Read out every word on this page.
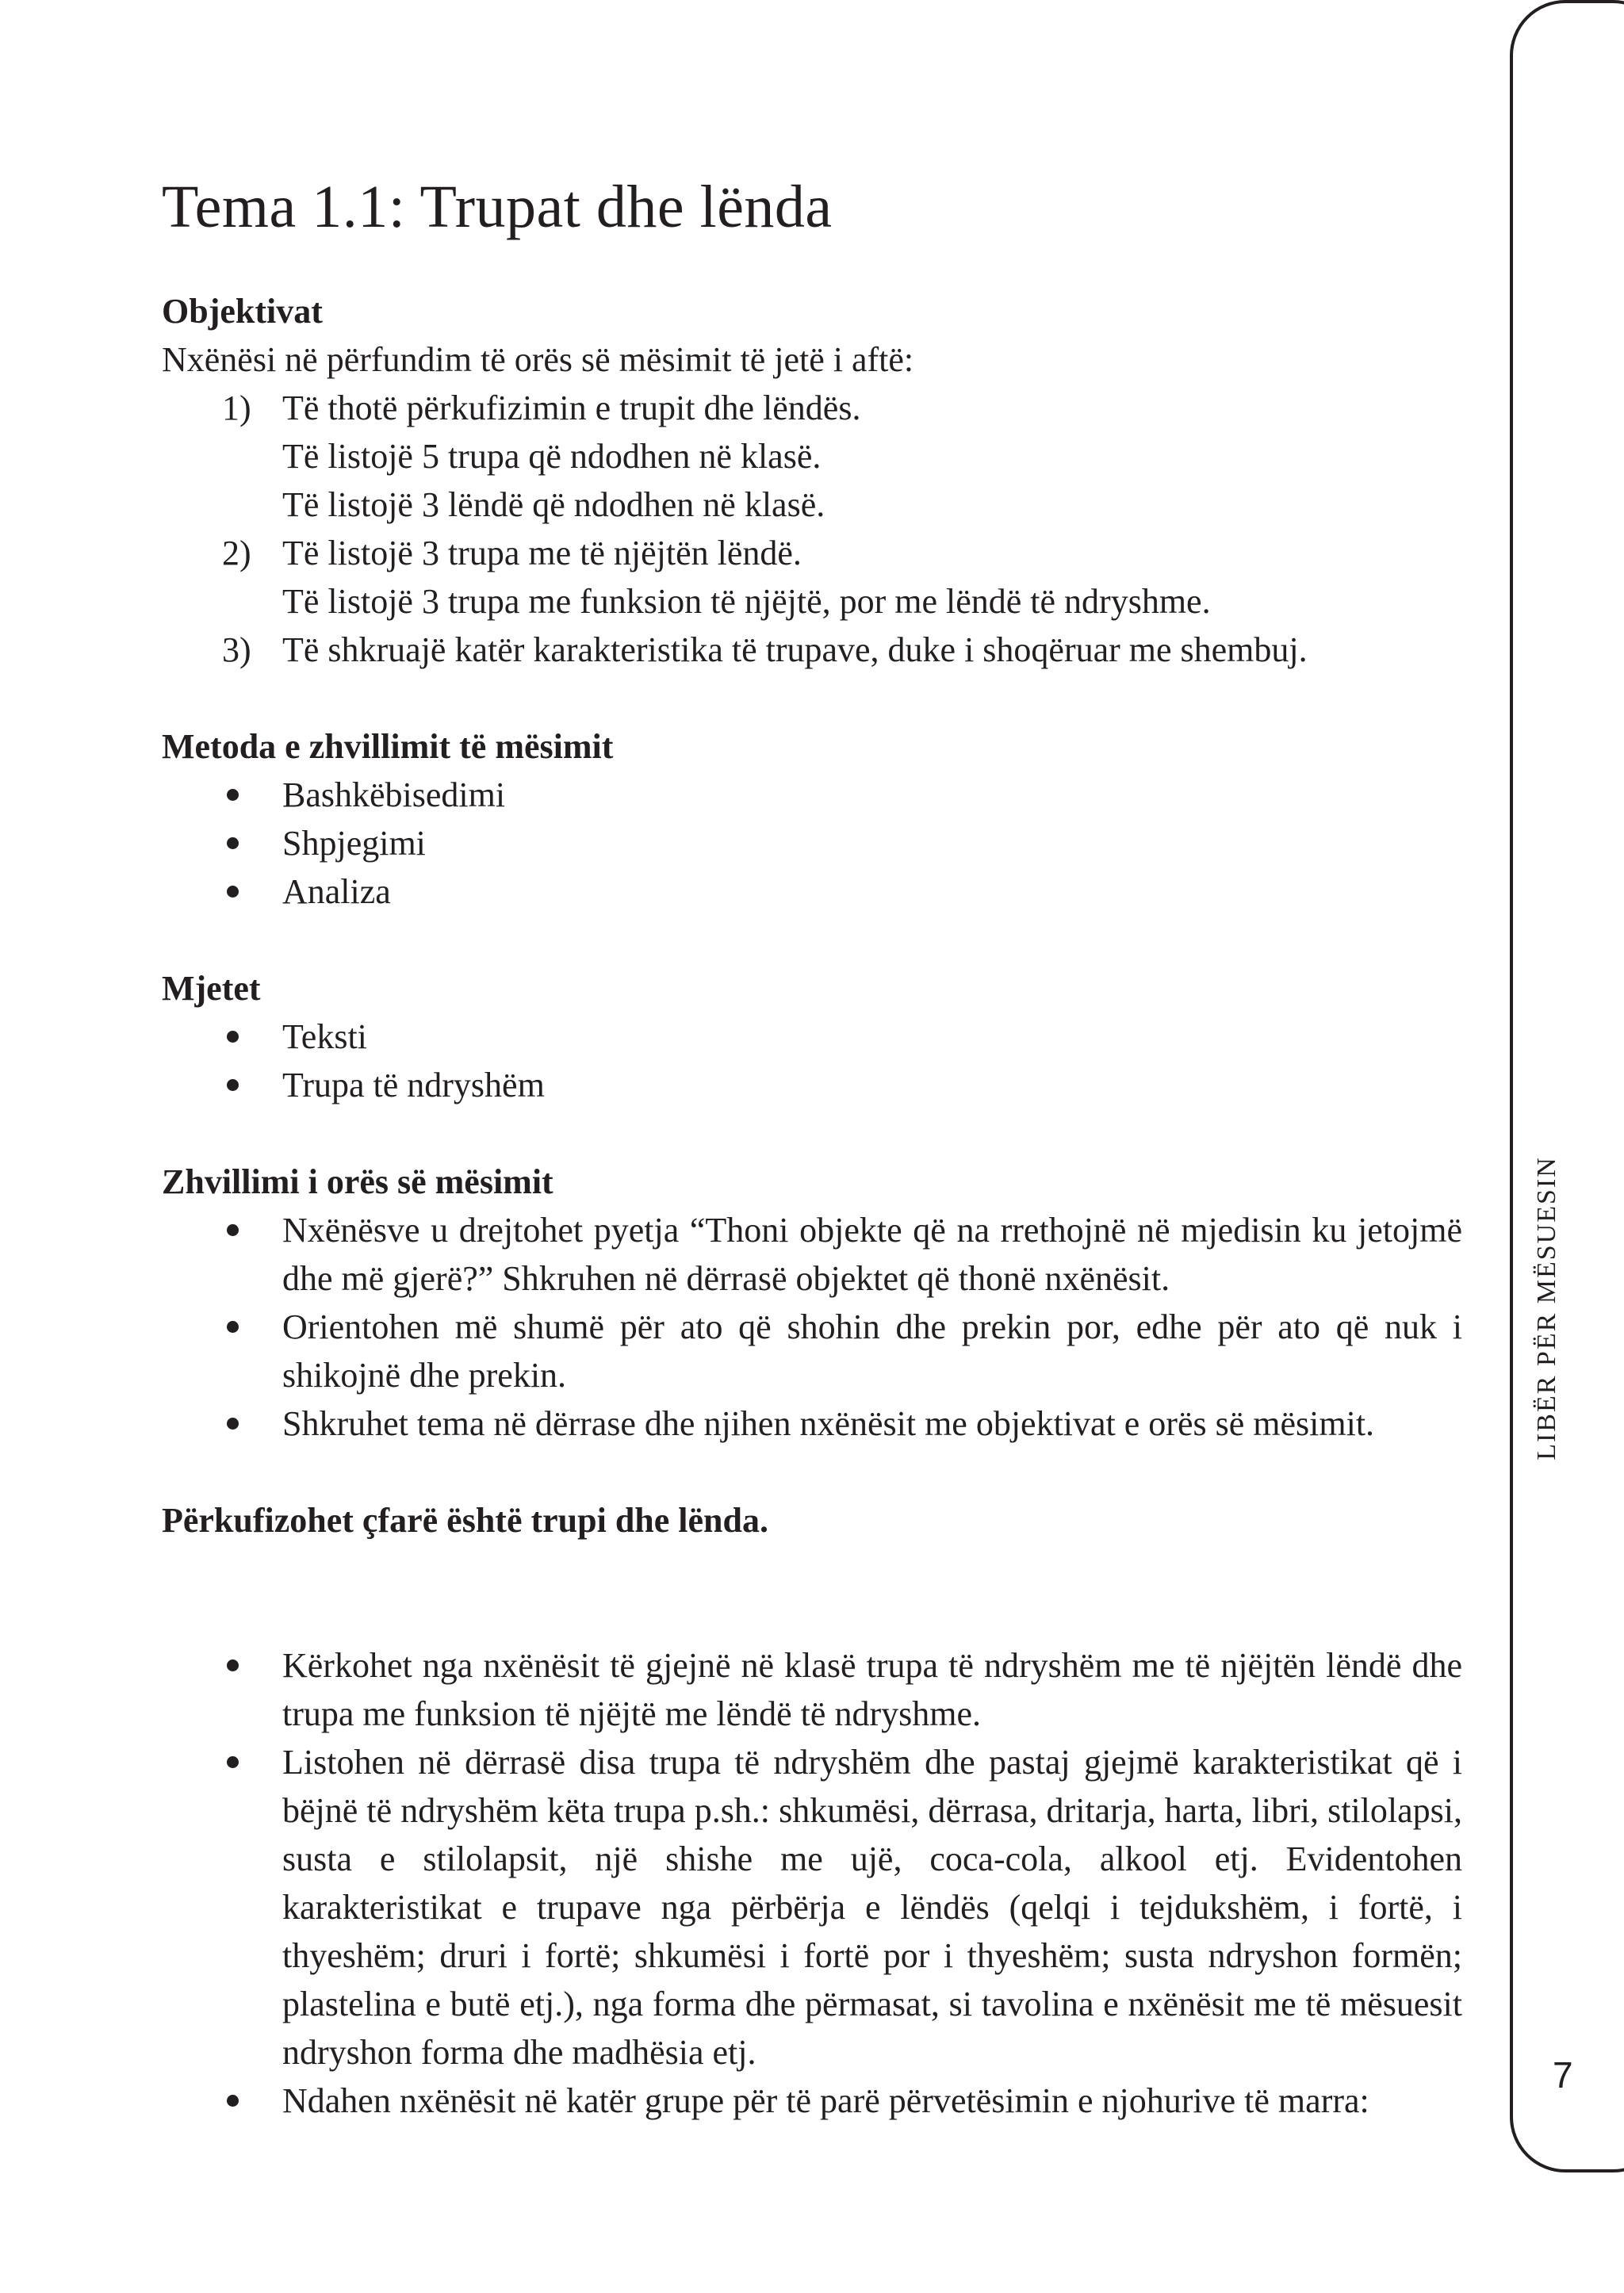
Tema 1.1: Trupat dhe lënda

Objektivat

Nxënësi në përfundim të orës së mësimit të jetë i aftë:

1) Të thotë përkufizimin e trupit dhe lëndës.
Të listojë 5 trupa që ndodhen në klasë.
Të listojë 3 lëndë që ndodhen në klasë.
2) Të listojë 3 trupa me të njëjtën lëndë.
Të listojë 3 trupa me funksion të njëjtë, por me lëndë të ndryshme.
3) Të shkruajë katër karakteristika të trupave, duke i shoqëruar me shembuj.

Metoda e zhvillimit të mësimit

Bashkëbisedimi
Shpjegimi
Analiza

Mjetet

Teksti
Trupa të ndryshëm

Zhvillimi i orës së mësimit

Nxënësve u drejtohet pyetja “Thoni objekte që na rrethojnë në mjedisin ku jetojmë dhe më gjerë?” Shkruhen në dërrasë objektet që thonë nxënësit.
Orientohen më shumë për ato që shohin dhe prekin por, edhe për ato që nuk i shikojnë dhe prekin.
Shkruhet tema në dërrase dhe njihen nxënësit me objektivat e orës së mësimit.

Përkufizohet çfarë është trupi dhe lënda.

Kërkohet nga nxënësit të gjejnë në klasë trupa të ndryshëm me të njëjtën lëndë dhe trupa me funksion të njëjtë me lëndë të ndryshme.
Listohen në dërrasë disa trupa të ndryshëm dhe pastaj gjejmë karakteristikat që i bëjnë të ndryshëm këta trupa p.sh.: shkumësi, dërrasa, dritarja, harta, libri, stilolapsi, susta e stilolapsit, një shishe me ujë, coca-cola, alkool etj. Evidentohen karakteristikat e trupave nga përbërja e lëndës (qelqi i tejdukshëm, i fortë, i thyeshëm; druri i fortë; shkumësi i fortë por i thyeshëm; susta ndryshon formën; plastelina e butë etj.), nga forma dhe përmasat, si tavolina e nxënësit me të mësuesit ndryshon forma dhe madhësia etj.
Ndahen nxënësit në katër grupe për të parë përvetësimin e njohurive të marra:
LIBËR PËR MËSUESIN
7
